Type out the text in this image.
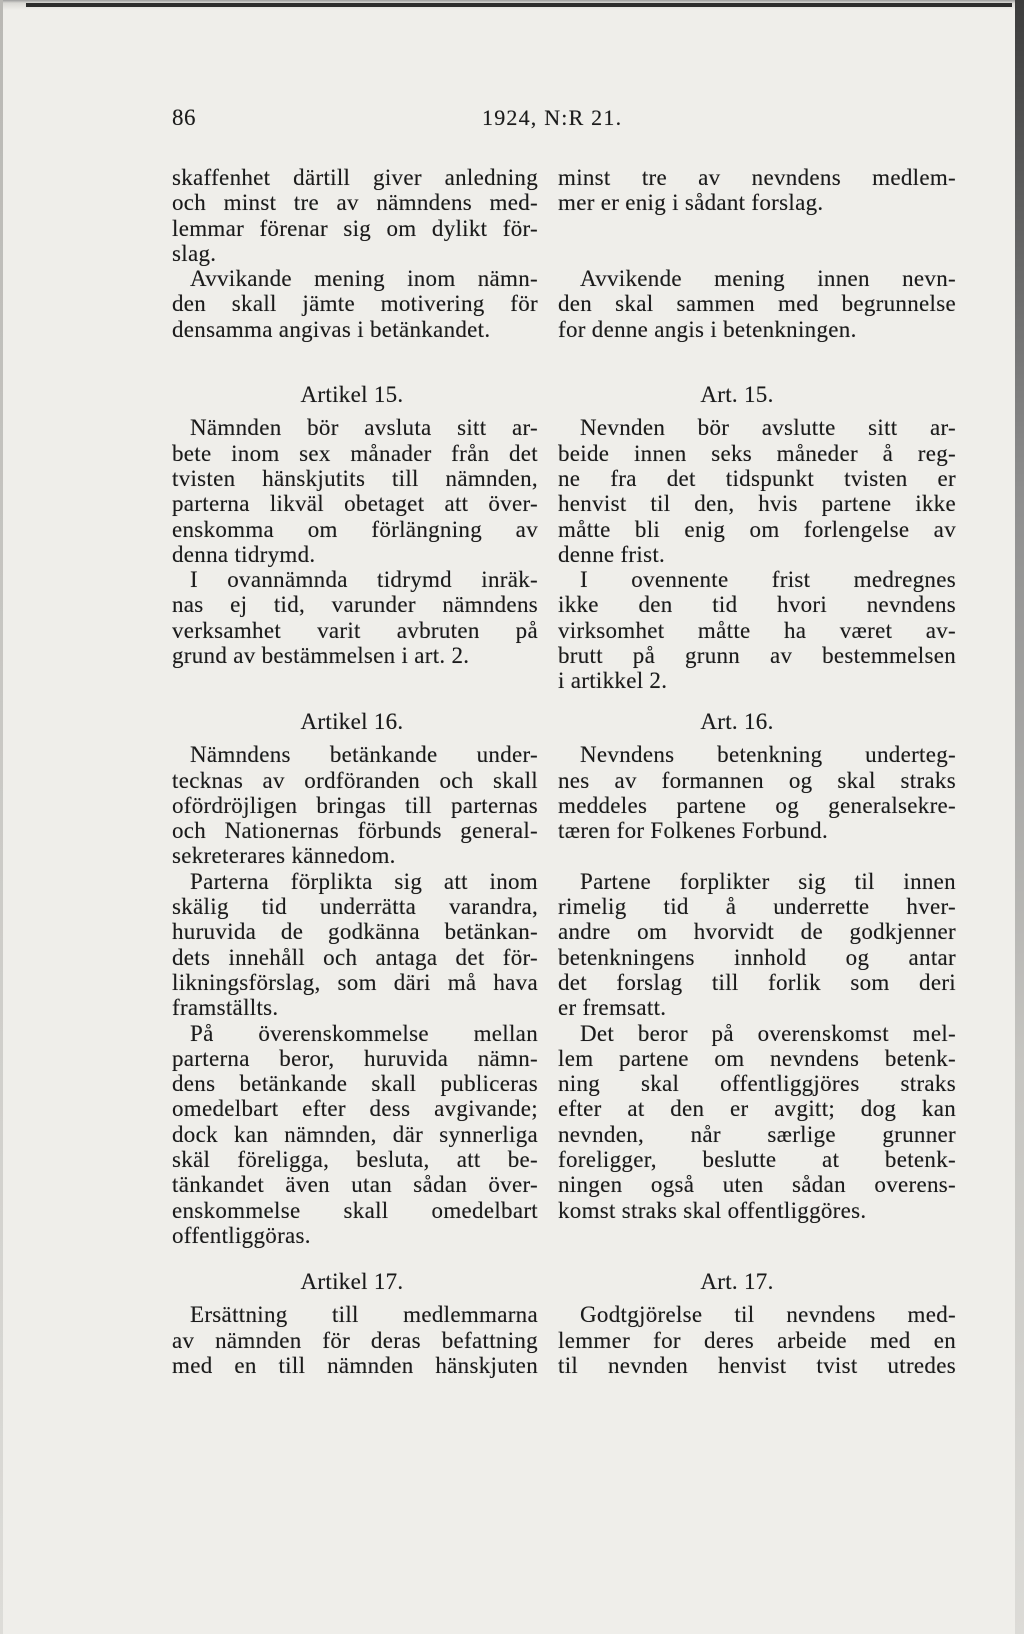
86	1924, N:R 21.
skaffenhet därtill giver anledning
och minst tre av nämndens med-
lemmar förenar sig om dylikt för-
slag.
minst tre av nevndens medlem-
mer er enig i sådant forslag.
Avvikande mening inom nämn-
den skall jämte motivering för
densamma angivas i betänkandet.
Avvikende mening innen nevn-
den skal sammen med begrunnelse
for denne angis i betenkningen.
Artikel 15.	Art. 15.
Nämnden bör avsluta sitt ar-
bete inom sex månader från det
tvisten hänskjutits till nämnden,
parterna likväl obetaget att över-
enskomma om förlängning av
denna tidrymd.
Nevnden bör avslutte sitt ar-
beide innen seks måneder å reg-
ne fra det tidspunkt tvisten er
henvist til den, hvis partene ikke
måtte bli enig om forlengelse av
denne frist.
I ovannämnda tidrymd inräk-
nas ej tid, varunder nämndens
verksamhet varit avbruten på
grund av bestämmelsen i art. 2.
I ovennente frist medregnes
ikke den tid hvori nevndens
virksomhet måtte ha været av-
brutt på grunn av bestemmelsen
i artikkel 2.
Artikel 16.	Art. 16.
Nämndens betänkande under-
tecknas av ordföranden och skall
ofördröjligen bringas till parternas
och Nationernas förbunds general-
sekreterares kännedom.
Nevndens betenkning underteg-
nes av formannen og skal straks
meddeles partene og generalsekre-
tæren for Folkenes Forbund.
Parterna förplikta sig att inom
skälig tid underrätta varandra,
huruvida de godkänna betänkan-
dets innehåll och antaga det för-
likningsförslag, som däri må hava
framställts.
Partene forplikter sig til innen
rimelig tid å underrette hver-
andre om hvorvidt de godkjenner
betenkningens innhold og antar
det forslag till forlik som deri
er fremsatt.
På överenskommelse mellan
parterna beror, huruvida nämn-
dens betänkande skall publiceras
omedelbart efter dess avgivande;
dock kan nämnden, där synnerliga
skäl föreligga, besluta, att be-
tänkandet även utan sådan över-
enskommelse skall omedelbart
offentliggöras.
Det beror på overenskomst mel-
lem partene om nevndens betenk-
ning skal offentliggjöres straks
efter at den er avgitt; dog kan
nevnden, når særlige grunner
foreligger, beslutte at betenk-
ningen også uten sådan overens-
komst straks skal offentliggöres.
Artikel 17.	Art. 17.
Ersättning till medlemmarna
av nämnden för deras befattning
med en till nämnden hänskjuten
Godtgjörelse til nevndens med-
lemmer for deres arbeide med en
til nevnden henvist tvist utredes
